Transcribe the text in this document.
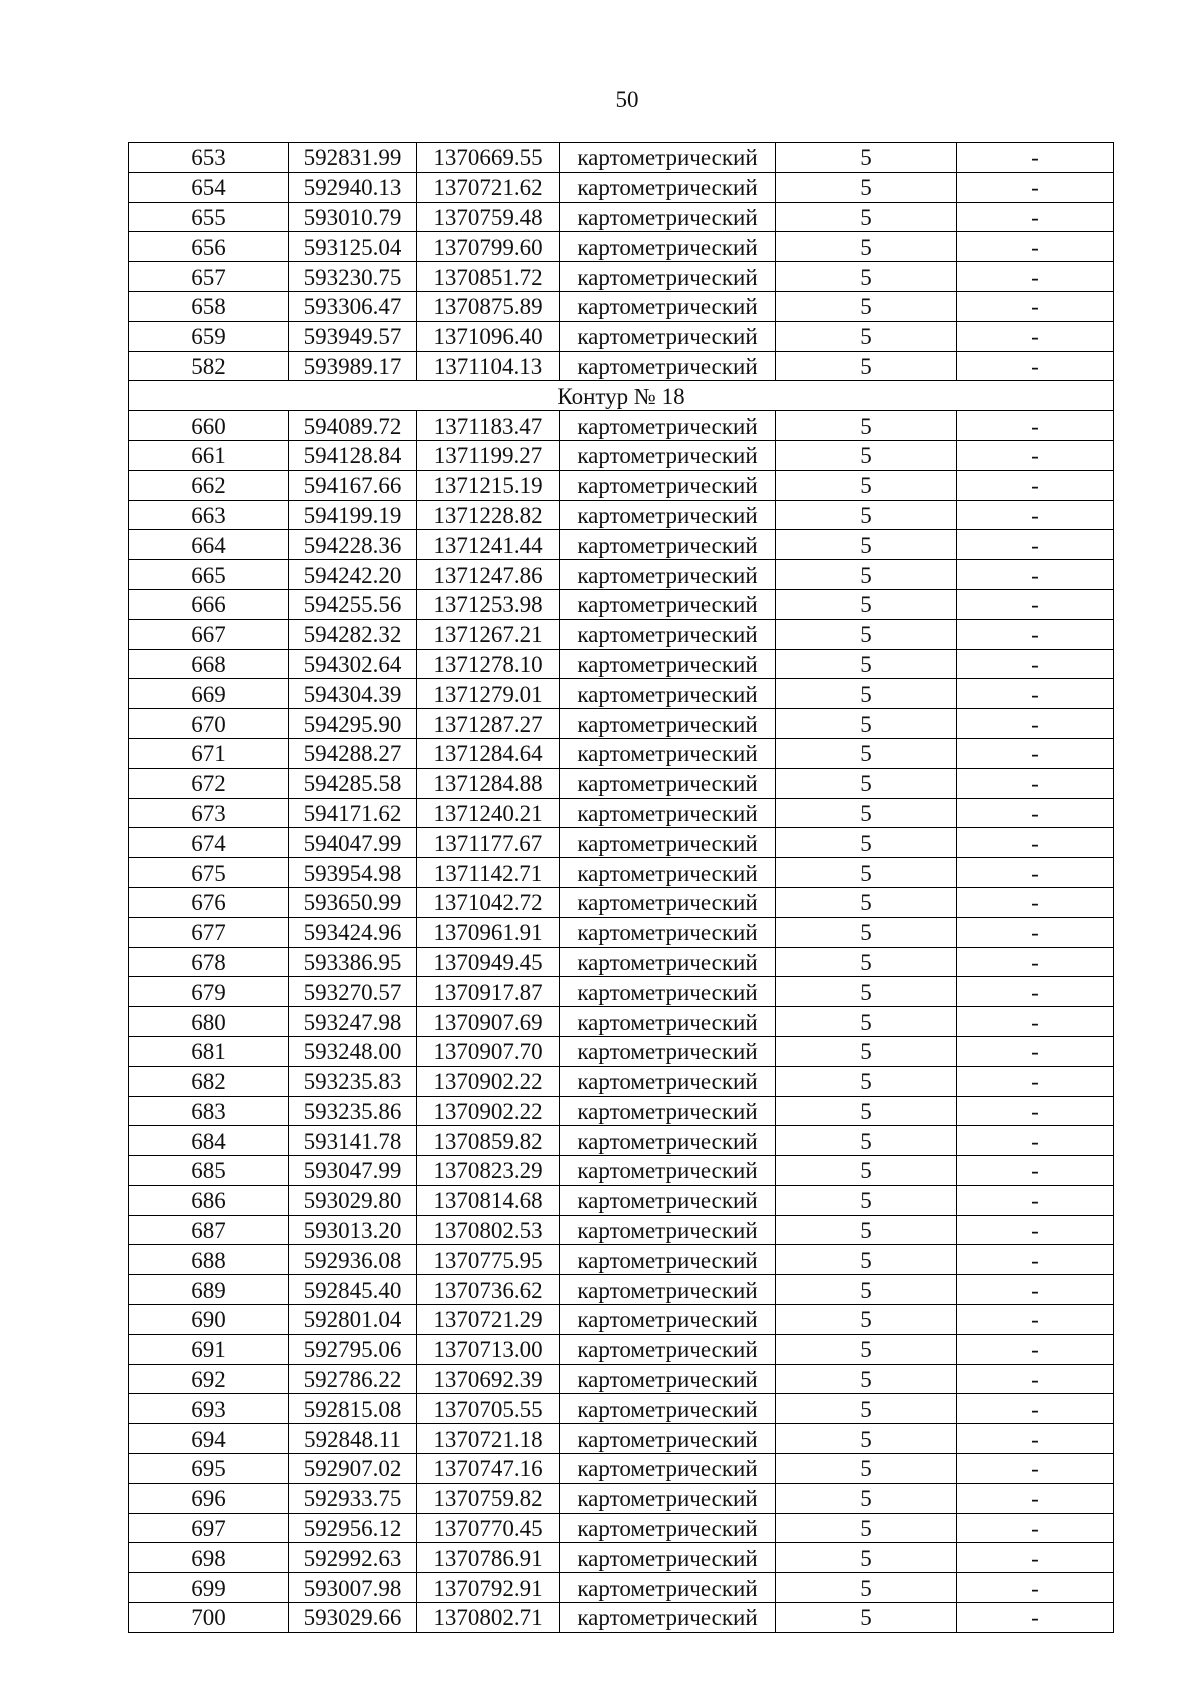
50
653	592831.99	1370669.55	картометрический	5	-
654	592940.13	1370721.62	картометрический	5	-
655	593010.79	1370759.48	картометрический	5	-
656	593125.04	1370799.60	картометрический	5	-
657	593230.75	1370851.72	картометрический	5	-
658	593306.47	1370875.89	картометрический	5	-
659	593949.57	1371096.40	картометрический	5	-
582	593989.17	1371104.13	картометрический	5	-
Контур № 18					
660	594089.72	1371183.47	картометрический	5	-
661	594128.84	1371199.27	картометрический	5	-
662	594167.66	1371215.19	картометрический	5	-
663	594199.19	1371228.82	картометрический	5	-
664	594228.36	1371241.44	картометрический	5	-
665	594242.20	1371247.86	картометрический	5	-
666	594255.56	1371253.98	картометрический	5	-
667	594282.32	1371267.21	картометрический	5	-
668	594302.64	1371278.10	картометрический	5	-
669	594304.39	1371279.01	картометрический	5	-
670	594295.90	1371287.27	картометрический	5	-
671	594288.27	1371284.64	картометрический	5	-
672	594285.58	1371284.88	картометрический	5	-
673	594171.62	1371240.21	картометрический	5	-
674	594047.99	1371177.67	картометрический	5	-
675	593954.98	1371142.71	картометрический	5	-
676	593650.99	1371042.72	картометрический	5	-
677	593424.96	1370961.91	картометрический	5	-
678	593386.95	1370949.45	картометрический	5	-
679	593270.57	1370917.87	картометрический	5	-
680	593247.98	1370907.69	картометрический	5	-
681	593248.00	1370907.70	картометрический	5	-
682	593235.83	1370902.22	картометрический	5	-
683	593235.86	1370902.22	картометрический	5	-
684	593141.78	1370859.82	картометрический	5	-
685	593047.99	1370823.29	картометрический	5	-
686	593029.80	1370814.68	картометрический	5	-
687	593013.20	1370802.53	картометрический	5	-
688	592936.08	1370775.95	картометрический	5	-
689	592845.40	1370736.62	картометрический	5	-
690	592801.04	1370721.29	картометрический	5	-
691	592795.06	1370713.00	картометрический	5	-
692	592786.22	1370692.39	картометрический	5	-
693	592815.08	1370705.55	картометрический	5	-
694	592848.11	1370721.18	картометрический	5	-
695	592907.02	1370747.16	картометрический	5	-
696	592933.75	1370759.82	картометрический	5	-
697	592956.12	1370770.45	картометрический	5	-
698	592992.63	1370786.91	картометрический	5	-
699	593007.98	1370792.91	картометрический	5	-
700	593029.66	1370802.71	картометрический	5	-
